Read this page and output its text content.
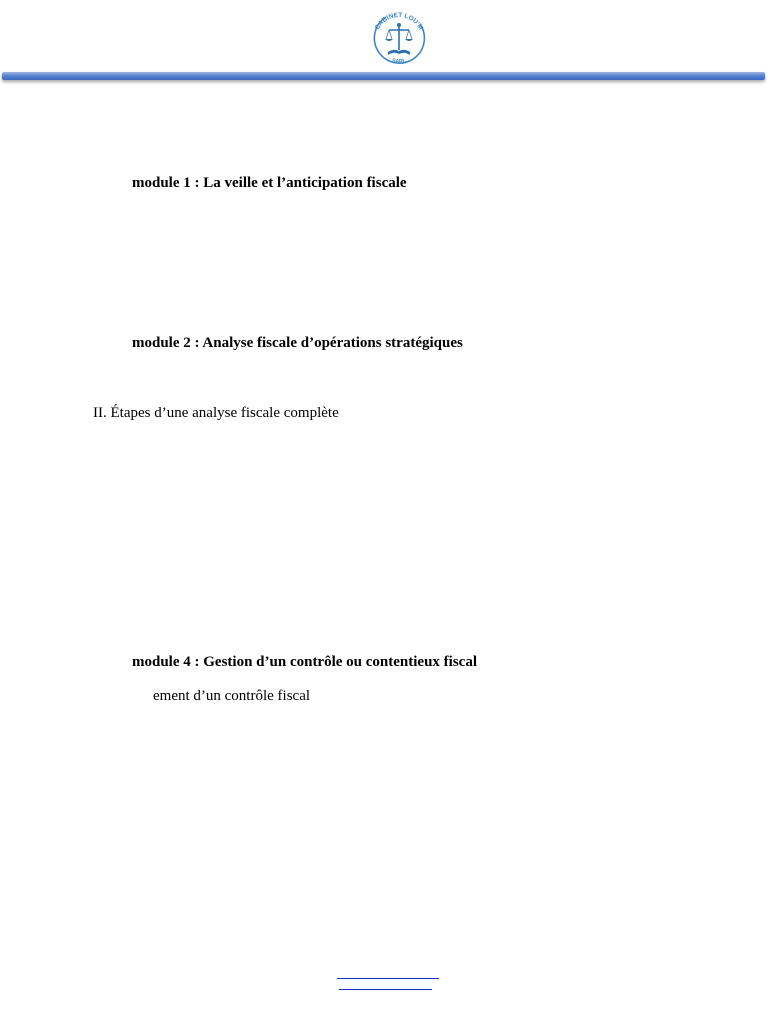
CABINET LOU'M
SARL
module 1 : La veille et l’anticipation fiscale
module 2 : Analyse fiscale d’opérations stratégiques
II. Étapes d’une analyse fiscale complète
module 4 : Gestion d’un contrôle ou contentieux fiscal
ement d’un contrôle fiscal
